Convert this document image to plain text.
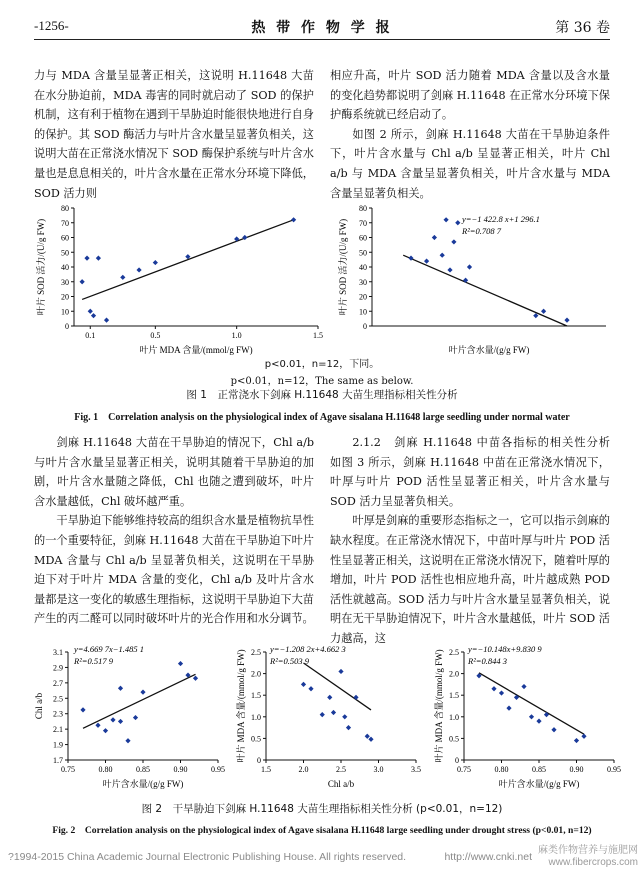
-1256-	热 带 作 物 学 报	第 36 卷

力与 MDA 含量呈显著正相关，这说明 H.11648 大苗在水分胁迫前，MDA 毒害的同时就启动了 SOD 的保护机制，这有利于植物在遇到干旱胁迫时能很快地进行自身的保护。其 SOD 酶活力与叶片含水量呈显著负相关，这说明大苗在正常浇水情况下 SOD 酶保护系统与叶片含水量也是息息相关的，叶片含水量在正常水分环境下降低，SOD 活力则

相应升高，叶片 SOD 活力随着 MDA 含量以及含水量的变化趋势都说明了剑麻 H.11648 在正常水分环境下保护酶系统就已经启动了。

如图 2 所示，剑麻 H.11648 大苗在干旱胁迫条件下，叶片含水量与 Chl a/b 呈显著正相关，叶片 Chl a/b 与 MDA 含量呈显著负相关，叶片含水量与 MDA 含量呈显著负相关。

0
10
20
30
40
50
60
70
80
0.1	0.5	1.0	1.5
叶片 MDA 含量/(mmol/g FW)
叶片 SOD 活力/(U/g FW)
0
10
20
30
40
50
60
70
80
y=−1 422.8 x+1 296.1
R²=0.708 7
叶片含水量/(g/g FW)
叶片 SOD 活力/(U/g FW)
p<0.01，n=12，下同。
p<0.01，n=12，The same as below.
图 1　正常浇水下剑麻 H.11648 大苗生理指标相关性分析
Fig. 1　Correlation analysis on the physiological index of Agave sisalana H.11648 large seedling under normal water

剑麻 H.11648 大苗在干旱胁迫的情况下，Chl a/b 与叶片含水量呈显著正相关，说明其随着干旱胁迫的加剧，叶片含水量随之降低，Chl 也随之遭到破坏，叶片含水量越低，Chl 破坏越严重。

干旱胁迫下能够维持较高的组织含水量是植物抗旱性的一个重要特征，剑麻 H.11648 大苗在干旱胁迫下叶片 MDA 含量与 Chl a/b 呈显著负相关，这说明在干旱胁迫下对于叶片 MDA 含量的变化，Chl a/b 及叶片含水量都是这一变化的敏感生理指标，这说明干旱胁迫下大苗产生的丙二醛可以同时破坏叶片的光合作用和水分调节。

2.1.2　剑麻 H.11648 中苗各指标的相关性分析　如图 3 所示，剑麻 H.11648 中苗在正常浇水情况下，叶厚与叶片 POD 活性呈显著正相关，叶片含水量与 SOD 活力呈显著负相关。

叶厚是剑麻的重要形态指标之一，它可以指示剑麻的缺水程度。在正常浇水情况下，中苗叶厚与叶片 POD 活性呈显著正相关，这说明在正常浇水情况下，随着叶厚的增加，叶片 POD 活性也相应地升高，叶片越成熟 POD 活性就越高。SOD 活力与叶片含水量呈显著负相关，说明在无干旱胁迫情况下，叶片含水量越低，叶片 SOD 活力越高，这

1.7
1.9
2.1
2.3
2.5
2.7
2.9
3.1
0.75	0.80	0.85	0.90	0.95
y=4.669 7x−1.485 1
R²=0.517 9
叶片含水量/(g/g FW)
Chl a/b
0
0.5
1.0
1.5
2.0
2.5
1.5	2.0	2.5	3.0	3.5
y=−1.208 2x+4.662 3
R²=0.503 9
Chl a/b
叶片 MDA 含量/(mmol/g FW)	0
0.5
1.0
1.5
2.0
2.5
0.75	0.80	0.85	0.90	0.95
y=−10.148x+9.830 9
R²=0.844 3
叶片含水量/(g/g FW)
叶片 MDA 含量/(mmol/g FW)
图 2　干旱胁迫下剑麻 H.11648 大苗生理指标相关性分析 (p<0.01，n=12)
Fig. 2　Correlation analysis on the physiological index of Agave sisalana H.11648 large seedling under drought stress (p<0.01, n=12)
?1994-2015 China Academic Journal Electronic Publishing House. All rights reserved.	http://www.cnki.net
麻类作物营养与施肥网
www.fibercrops.com
